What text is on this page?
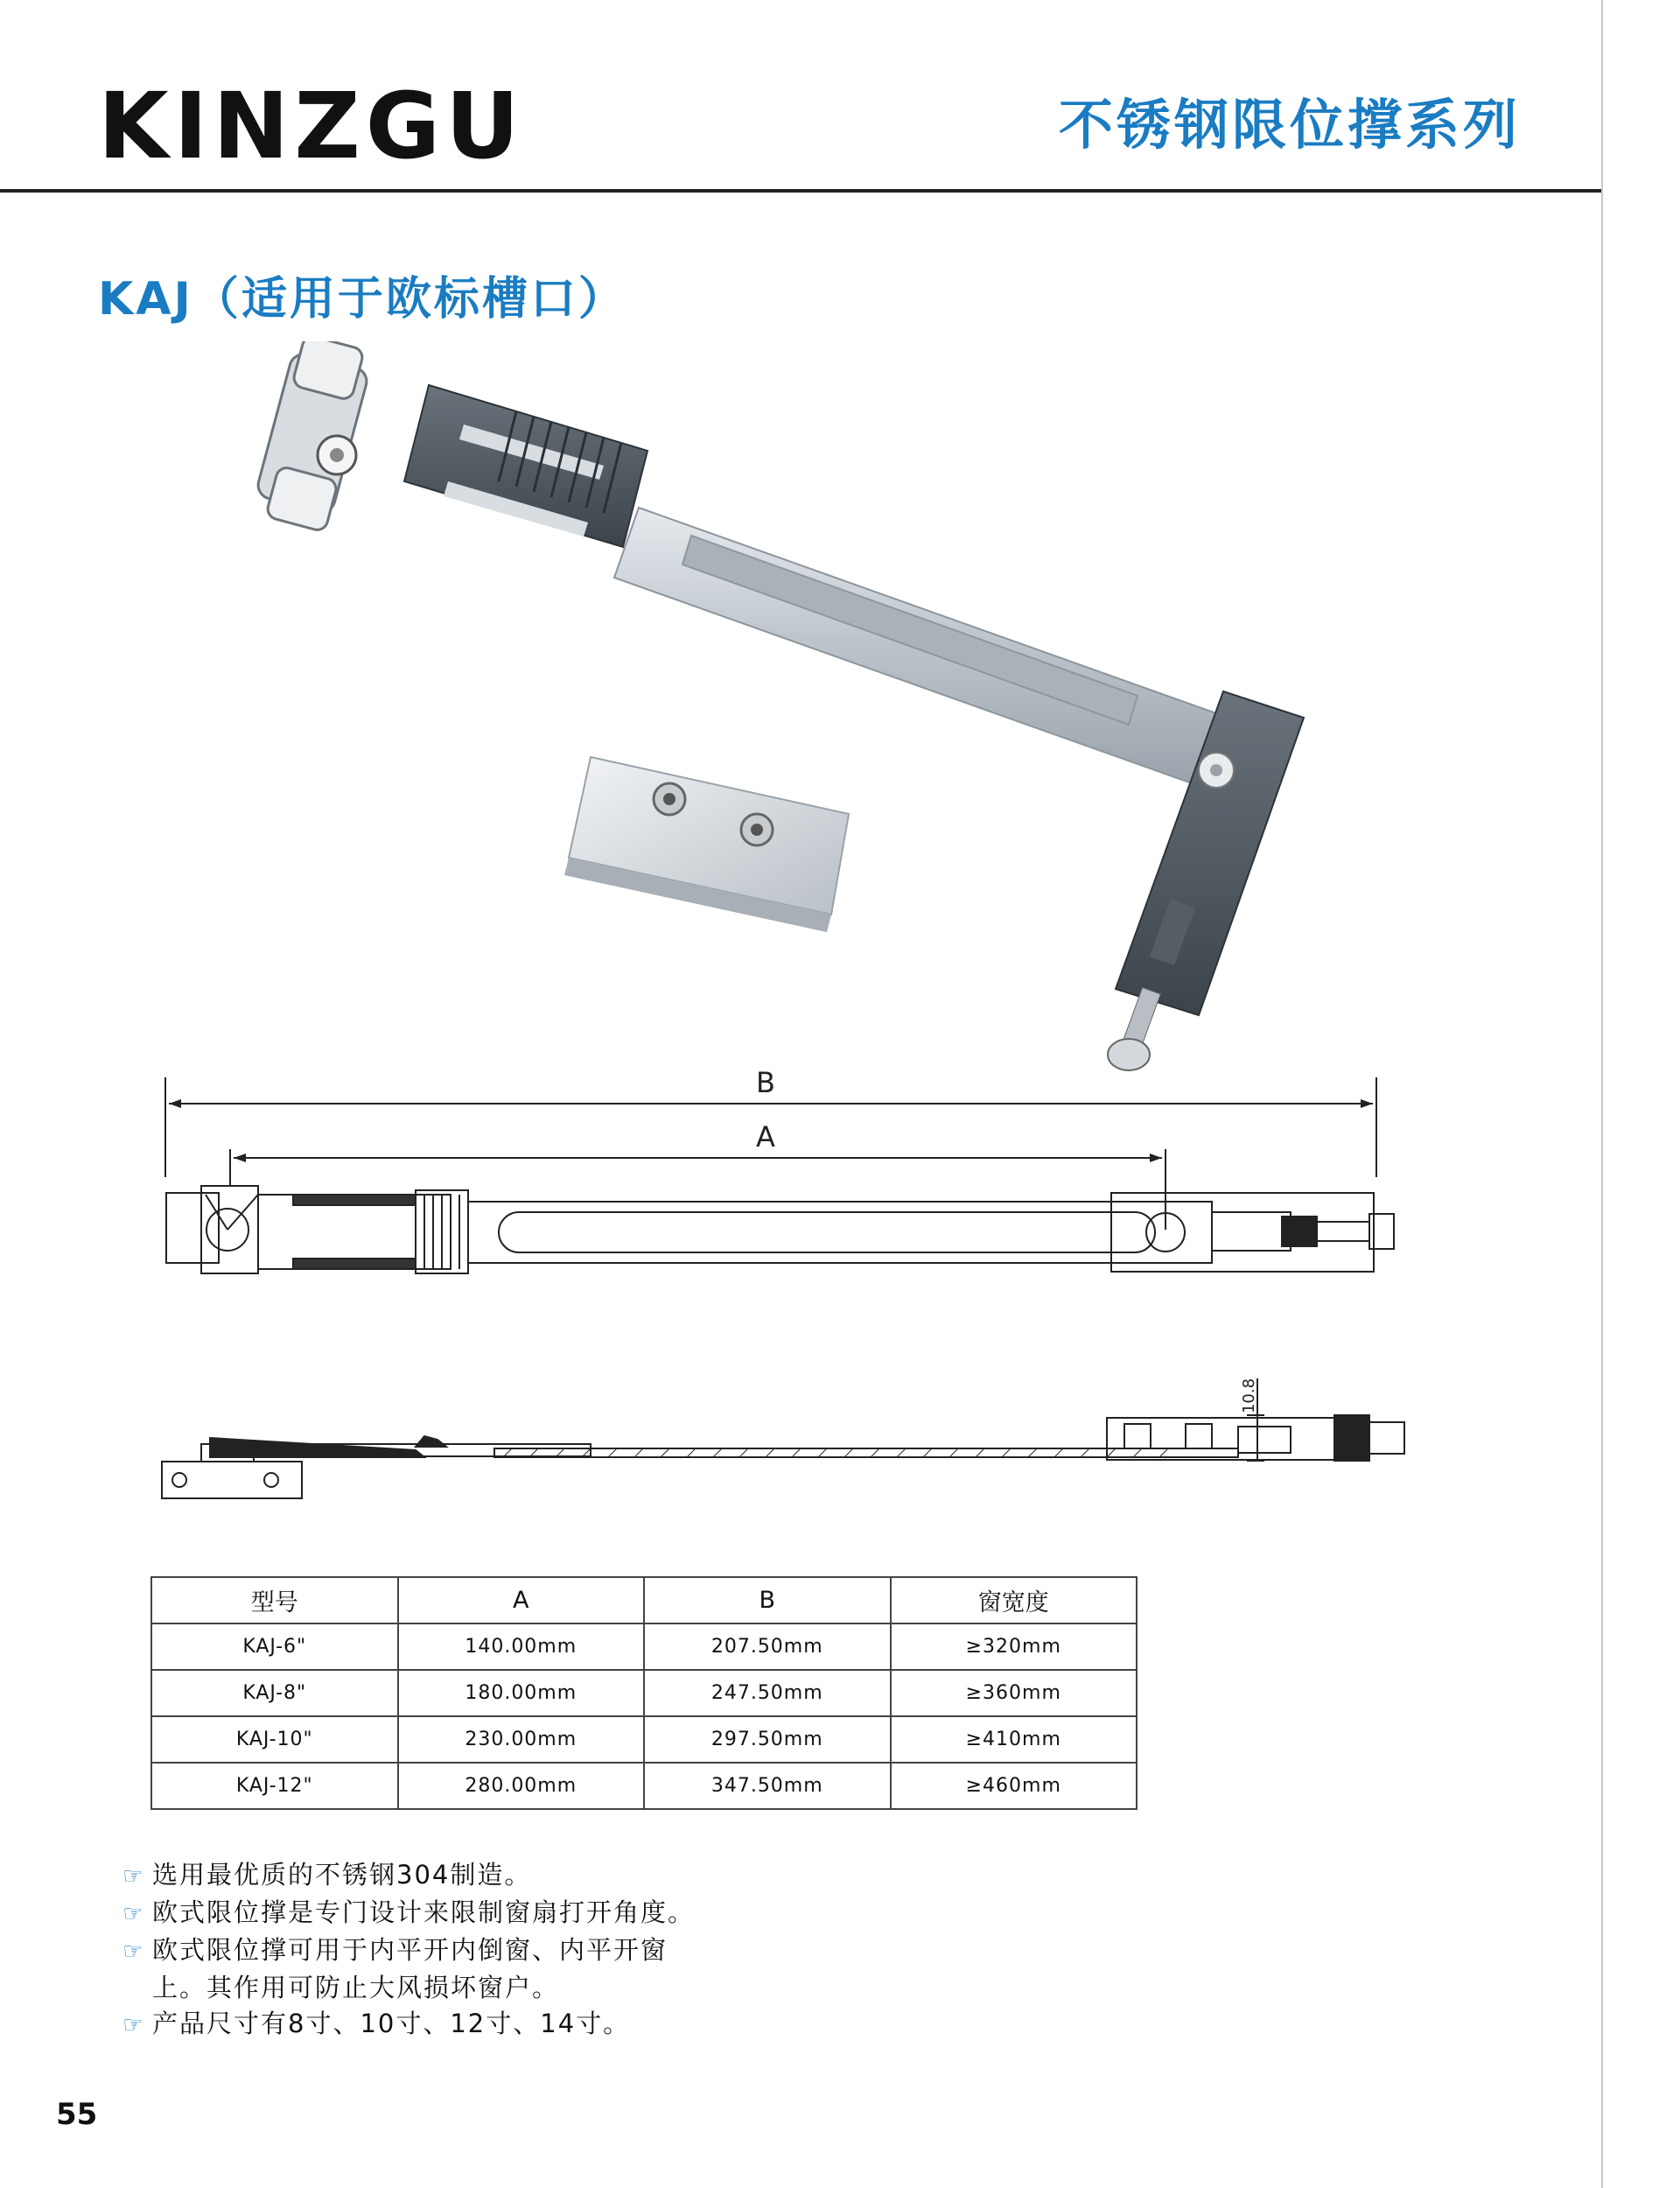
KINZGU	不锈钢限位撑系列
KAJ（适用于欧标槽口）
B
A
10.8
型号	A	B	窗宽度
KAJ-6"	140.00mm	207.50mm	≥320mm
KAJ-8"	180.00mm	247.50mm	≥360mm
KAJ-10"	230.00mm	297.50mm	≥410mm
KAJ-12"	280.00mm	347.50mm	≥460mm
☞ 选用最优质的不锈钢304制造。
☞ 欧式限位撑是专门设计来限制窗扇打开角度。
☞ 欧式限位撑可用于内平开内倒窗、内平开窗
上。其作用可防止大风损坏窗户。
☞ 产品尺寸有8寸、10寸、12寸、14寸。
55
